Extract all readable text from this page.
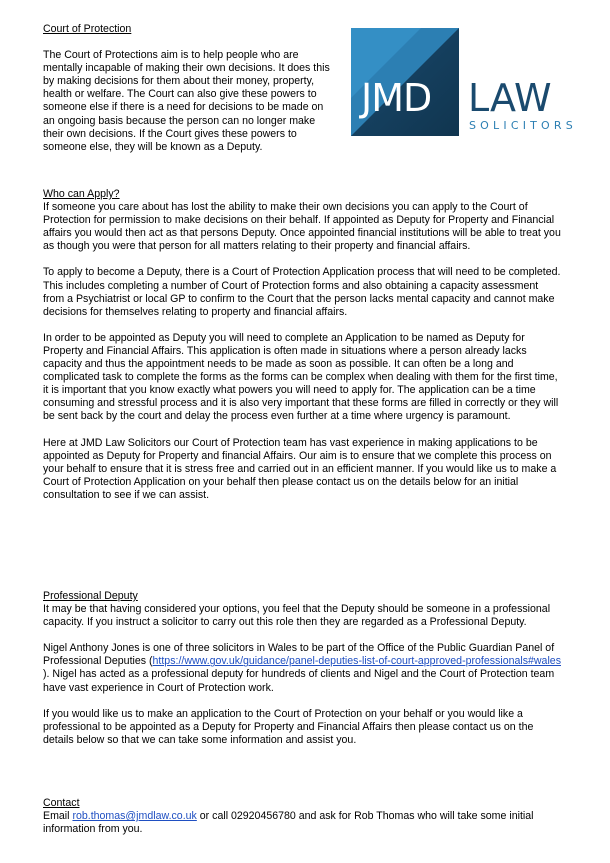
Court of Protection

The Court of Protections aim is to help people who are mentally incapable of making their own decisions. It does this by making decisions for them about their money, property, health or welfare. The Court can also give these powers to someone else if there is a need for decisions to be made on an ongoing basis because the person can no longer make their own decisions. If the Court gives these powers to someone else, they will be known as a Deputy.

JMD LAW
SOLICITORS

Who can Apply?

If someone you care about has lost the ability to make their own decisions you can apply to the Court of Protection for permission to make decisions on their behalf. If appointed as Deputy for Property and Financial affairs you would then act as that persons Deputy. Once appointed financial institutions will be able to treat you as though you were that person for all matters relating to their property and financial affairs.

To apply to become a Deputy, there is a Court of Protection Application process that will need to be completed. This includes completing a number of Court of Protection forms and also obtaining a capacity assessment from a Psychiatrist or local GP to confirm to the Court that the person lacks mental capacity and cannot make decisions for themselves relating to property and financial affairs.

In order to be appointed as Deputy you will need to complete an Application to be named as Deputy for Property and Financial Affairs. This application is often made in situations where a person already lacks capacity and thus the appointment needs to be made as soon as possible. It can often be a long and complicated task to complete the forms as the forms can be complex when dealing with them for the first time, it is important that you know exactly what powers you will need to apply for. The application can be a time consuming and stressful process and it is also very important that these forms are filled in correctly or they will be sent back by the court and delay the process even further at a time where urgency is paramount.

Here at JMD Law Solicitors our Court of Protection team has vast experience in making applications to be appointed as Deputy for Property and financial Affairs. Our aim is to ensure that we complete this process on your behalf to ensure that it is stress free and carried out in an efficient manner. If you would like us to make a Court of Protection Application on your behalf then please contact us on the details below for an initial consultation to see if we can assist.

Professional Deputy

It may be that having considered your options, you feel that the Deputy should be someone in a professional capacity. If you instruct a solicitor to carry out this role then they are regarded as a Professional Deputy.

Nigel Anthony Jones is one of three solicitors in Wales to be part of the Office of the Public Guardian Panel of Professional Deputies (https://www.gov.uk/guidance/panel-deputies-list-of-court-approved-professionals#wales ). Nigel has acted as a professional deputy for hundreds of clients and Nigel and the Court of Protection team have vast experience in Court of Protection work.

If you would like us to make an application to the Court of Protection on your behalf or you would like a professional to be appointed as a Deputy for Property and Financial Affairs then please contact us on the details below so that we can take some information and assist you.

Contact

Email rob.thomas@jmdlaw.co.uk or call 02920456780 and ask for Rob Thomas who will take some initial information from you.
